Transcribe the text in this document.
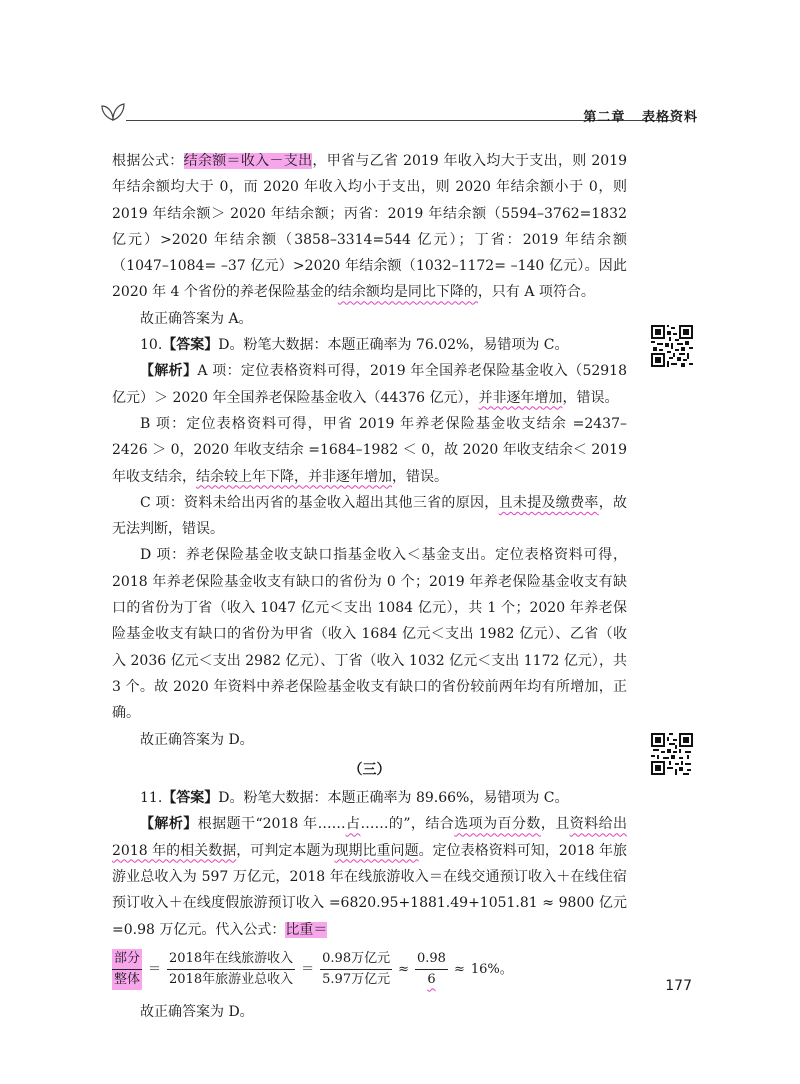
第二章 表格资料

根据公式：结余额＝收入－支出，甲省与乙省 2019 年收入均大于支出，则 2019 年结余额均大于 0，而 2020 年收入均小于支出，则 2020 年结余额小于 0，则 2019 年结余额＞ 2020 年结余额；丙省：2019 年结余额（5594–3762=1832 亿元）>2020 年结余额（3858–3314=544 亿元）；丁省：2019 年结余额（1047–1084= –37 亿元）>2020 年结余额（1032–1172= –140 亿元）。因此 2020 年 4 个省份的养老保险基金的结余额均是同比下降的，只有 A 项符合。

故正确答案为 A。

10.【答案】D。粉笔大数据：本题正确率为 76.02%，易错项为 C。

【解析】A 项：定位表格资料可得，2019 年全国养老保险基金收入（52918 亿元）＞ 2020 年全国养老保险基金收入（44376 亿元），并非逐年增加，错误。

B 项：定位表格资料可得，甲省 2019 年养老保险基金收支结余 =2437–2426 ＞ 0，2020 年收支结余 =1684–1982 ＜ 0，故 2020 年收支结余＜ 2019 年收支结余，结余较上年下降，并非逐年增加，错误。

C 项：资料未给出丙省的基金收入超出其他三省的原因，且未提及缴费率，故无法判断，错误。

D 项：养老保险基金收支缺口指基金收入＜基金支出。定位表格资料可得，2018 年养老保险基金收支有缺口的省份为 0 个；2019 年养老保险基金收支有缺口的省份为丁省（收入 1047 亿元＜支出 1084 亿元），共 1 个；2020 年养老保险基金收支有缺口的省份为甲省（收入 1684 亿元＜支出 1982 亿元）、乙省（收入 2036 亿元＜支出 2982 亿元）、丁省（收入 1032 亿元＜支出 1172 亿元），共 3 个。故 2020 年资料中养老保险基金收支有缺口的省份较前两年均有所增加，正确。

故正确答案为 D。

（三）

11.【答案】D。粉笔大数据：本题正确率为 89.66%，易错项为 C。

【解析】根据题干“2018 年……占……的”，结合选项为百分数，且资料给出 2018 年的相关数据，可判定本题为现期比重问题。定位表格资料可知，2018 年旅游业总收入为 597 万亿元，2018 年在线旅游收入＝在线交通预订收入＋在线住宿预订收入＋在线度假旅游预订收入 =6820.95+1881.49+1051.81 ≈ 9800 亿元 =0.98 万亿元。代入公式：比重＝

$\frac{\text{部分}}{\text{整体}} = \frac{\text{2018年在线旅游收入}}{\text{2018年旅游业总收入}} = \frac{\text{0.98万亿元}}{\text{5.97万亿元}} \approx \frac{0.98}{6} \approx 16\%$。

故正确答案为 D。

177
